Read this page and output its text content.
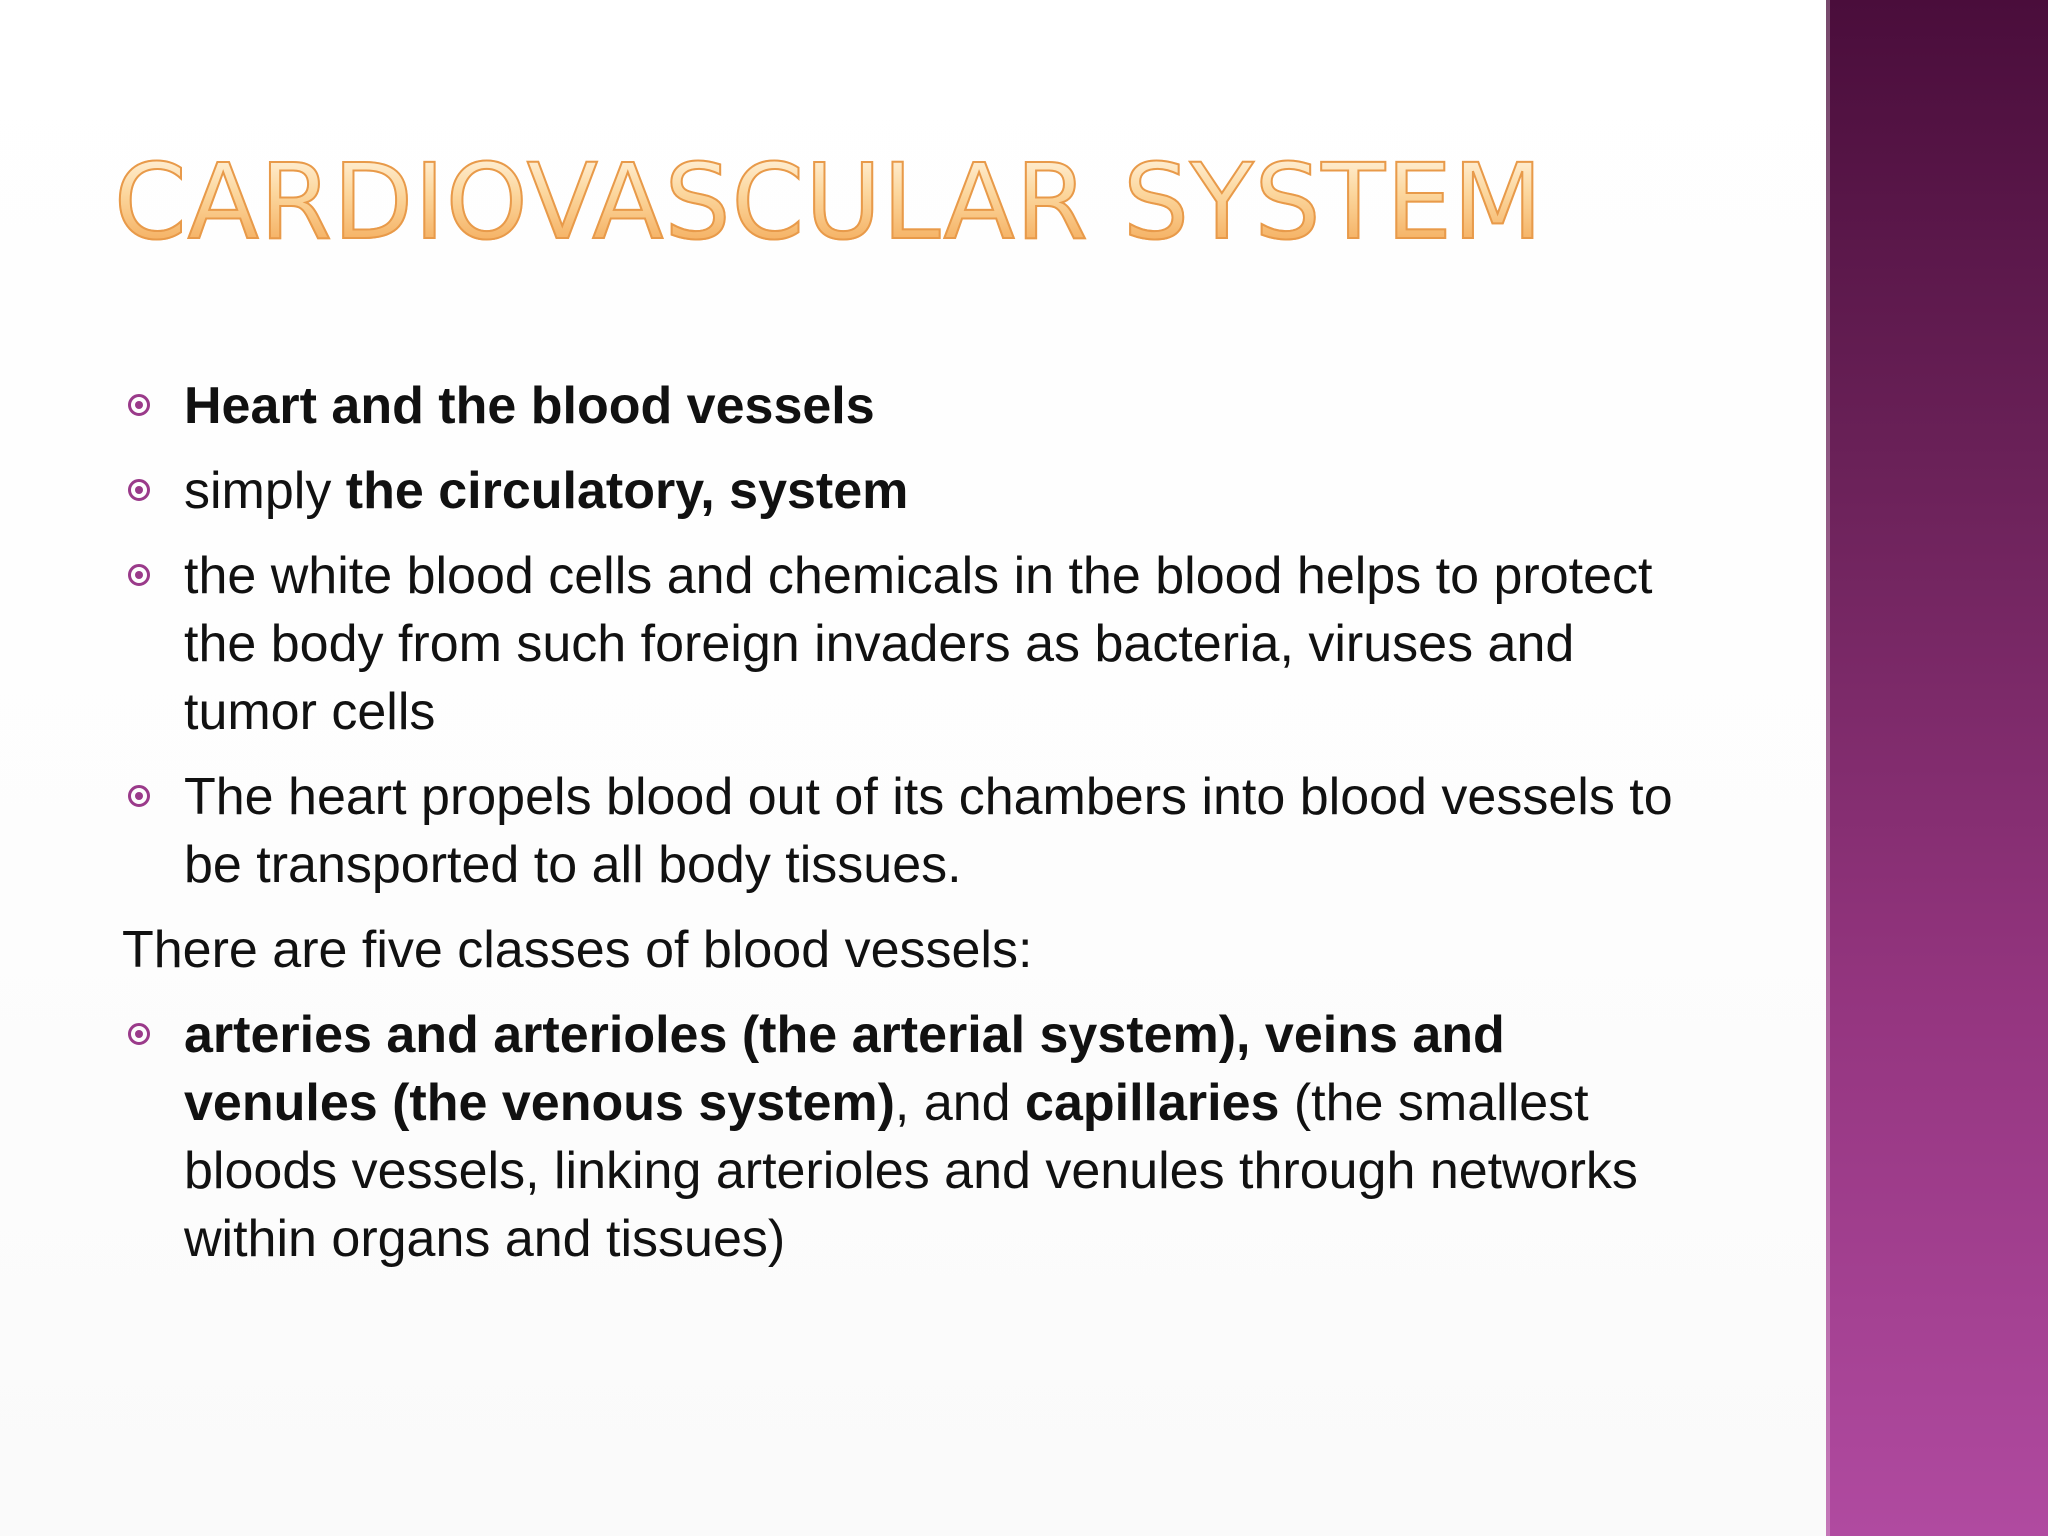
CARDIOVASCULAR SYSTEM
Heart and the blood vessels
simply the circulatory, system
the white blood cells and chemicals in the blood helps to protect the body from such foreign invaders as bacteria, viruses and tumor cells
The heart propels blood out of its chambers into blood vessels to be transported to all body tissues.
There are five classes of blood vessels:
arteries and arterioles (the arterial system), veins and venules (the venous system), and capillaries (the smallest bloods vessels, linking arterioles and venules through networks within organs and tissues)
